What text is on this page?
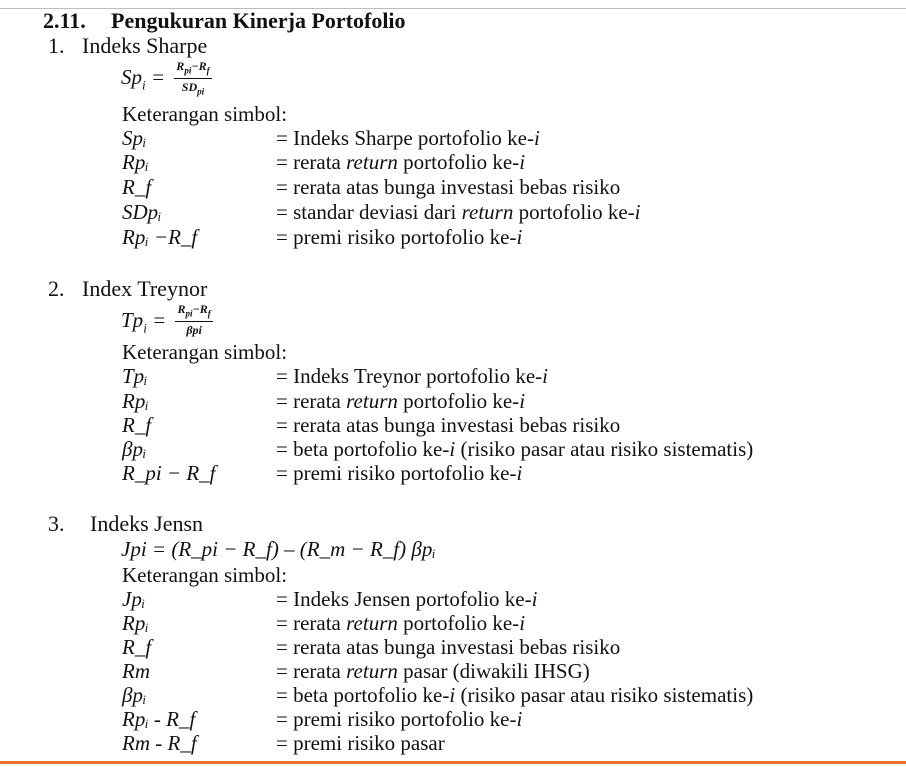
2.11. Pengukuran Kinerja Portofolio
1. Indeks Sharpe
$Sp_i = \frac{R_{pi}-R_f}{SD_{pi}}$
Keterangan simbol:
Spᵢ	= Indeks Sharpe portofolio ke-i
Rpᵢ	= rerata return portofolio ke-i
R_f	= rerata atas bunga investasi bebas risiko
SDpᵢ	= standar deviasi dari return portofolio ke-i
Rpᵢ −R_f	= premi risiko portofolio ke-i
2. Index Treynor
$Tp_i = \frac{R_{pi}-R_f}{\text{βpi}}$
Keterangan simbol:
Tpᵢ	= Indeks Treynor portofolio ke-i
Rpᵢ	= rerata return portofolio ke-i
R_f	= rerata atas bunga investasi bebas risiko
βpᵢ	= beta portofolio ke-i (risiko pasar atau risiko sistematis)
R_pi − R_f	= premi risiko portofolio ke-i
3. Indeks Jensn
Jpi = (R_pi − R_f) – (R_m − R_f) βpᵢ
Keterangan simbol:
Jpᵢ	= Indeks Jensen portofolio ke-i
Rpᵢ	= rerata return portofolio ke-i
R_f	= rerata atas bunga investasi bebas risiko
Rm	= rerata return pasar (diwakili IHSG)
βpᵢ	= beta portofolio ke-i (risiko pasar atau risiko sistematis)
Rpᵢ - R_f	= premi risiko portofolio ke-i
Rm - R_f	= premi risiko pasar
